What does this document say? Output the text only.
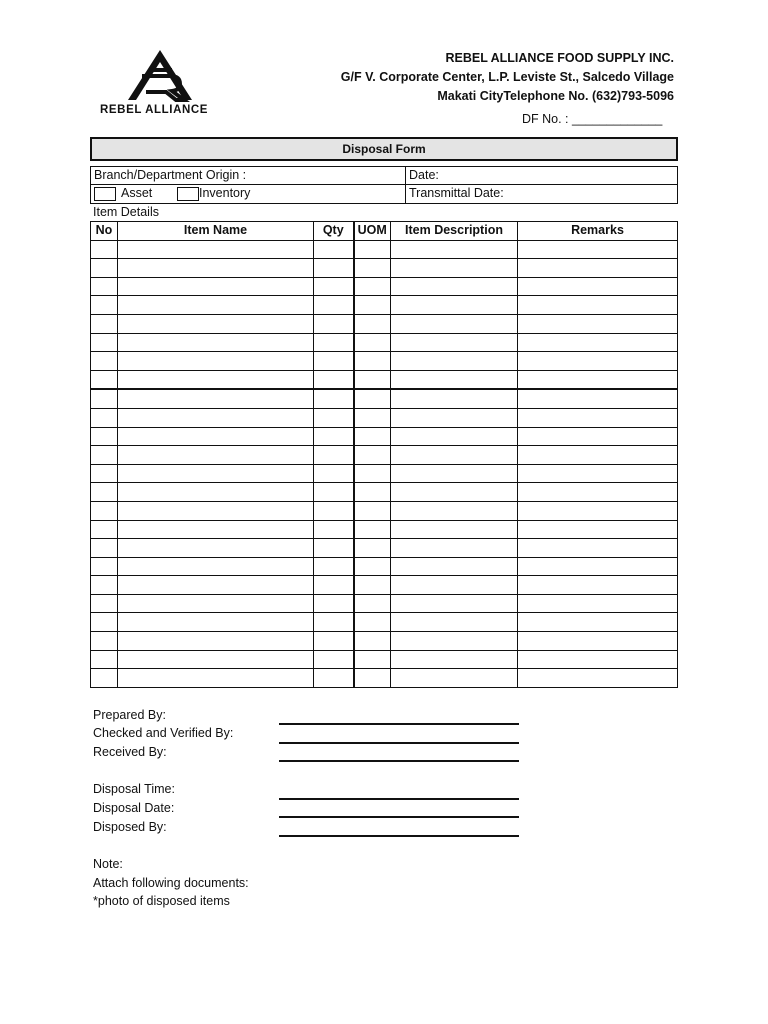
REBEL ALLIANCE
REBEL ALLIANCE FOOD SUPPLY INC.
G/F V. Corporate Center, L.P. Leviste St., Salcedo Village
Makati CityTelephone No. (632)793-5096
DF No. : _____________
Disposal Form
Branch/Department Origin :	Date:
Asset	Inventory	Transmittal Date:
Item Details
No	Item Name	Qty	UOM	Item Description	Remarks

Prepared By:
Checked and Verified By:
Received By:
Disposal Time:
Disposal Date:
Disposed By:
Note:
Attach following documents:
*photo of disposed items
